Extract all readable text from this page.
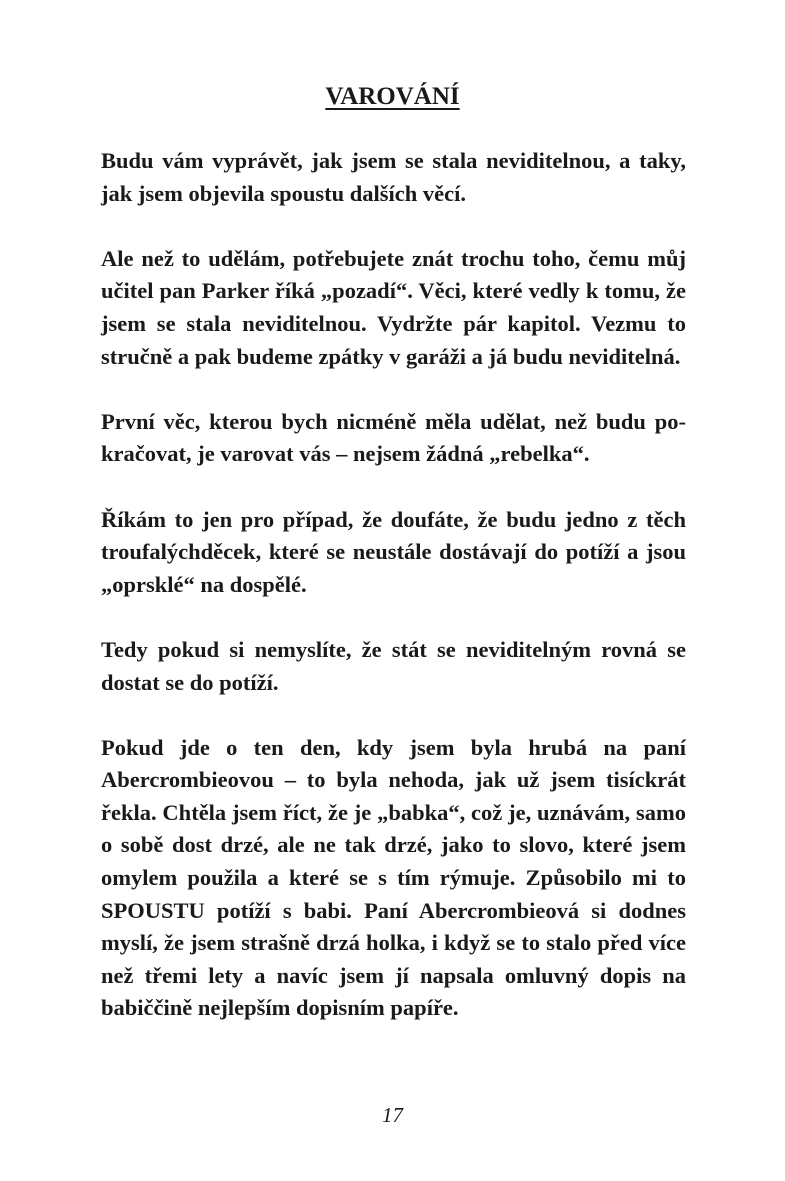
VAROVÁNÍ

Budu vám vyprávět, jak jsem se stala neviditelnou, a taky, jak jsem objevila spoustu dalších věcí.

Ale než to udělám, potřebujete znát trochu toho, čemu můj učitel pan Parker říká „pozadí“. Věci, které vedly k tomu, že jsem se stala neviditelnou. Vydržte pár kapitol. Vezmu to stručně a pak budeme zpátky v garáži a já budu neviditelná.

První věc, kterou bych nicméně měla udělat, než budu pokračovat, je varovat vás – nejsem žádná „rebelka“.

Říkám to jen pro případ, že doufáte, že budu jedno z těch troufalýchděcek, které se neustále dostávají do potíží a jsou „oprsklé“ na dospělé.

Tedy pokud si nemyslíte, že stát se neviditelným rovná se dostat se do potíží.

Pokud jde o ten den, kdy jsem byla hrubá na paní Abercrombieovou – to byla nehoda, jak už jsem tisíckrát řekla. Chtěla jsem říct, že je „babka“, což je, uznávám, samo o sobě dost drzé, ale ne tak drzé, jako to slovo, které jsem omylem použila a které se s tím rýmuje. Způsobilo mi to SPOUSTU potíží s babi. Paní Abercrombieová si dodnes myslí, že jsem strašně drzá holka, i když se to stalo před více než třemi lety a navíc jsem jí napsala omluvný dopis na babiččině nejlepším dopisním papíře.

17
